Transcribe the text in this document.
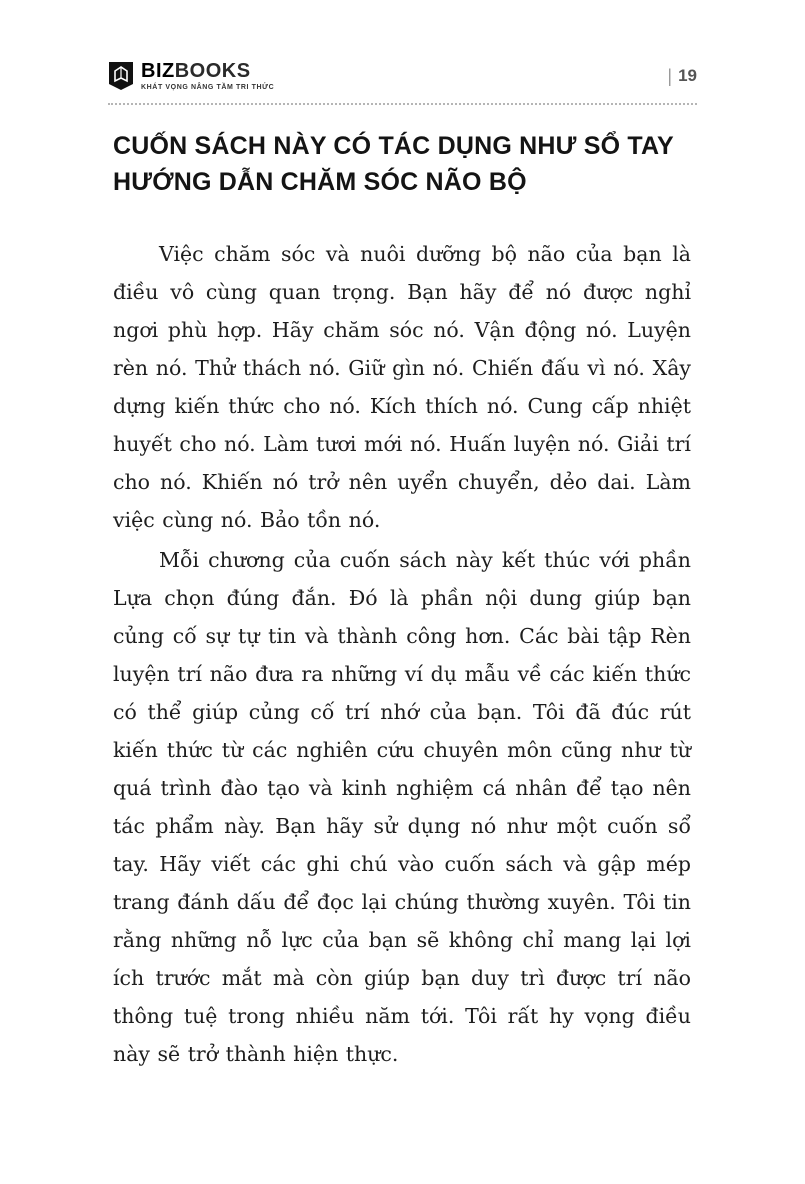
BIZBOOKS
KHÁT VỌNG NÂNG TẦM TRI THỨC
| 19
CUỐN SÁCH NÀY CÓ TÁC DỤNG NHƯ SỔ TAY HƯỚNG DẪN CHĂM SÓC NÃO BỘ

Việc chăm sóc và nuôi dưỡng bộ não của bạn là điều vô cùng quan trọng. Bạn hãy để nó được nghỉ ngơi phù hợp. Hãy chăm sóc nó. Vận động nó. Luyện rèn nó. Thử thách nó. Giữ gìn nó. Chiến đấu vì nó. Xây dựng kiến thức cho nó. Kích thích nó. Cung cấp nhiệt huyết cho nó. Làm tươi mới nó. Huấn luyện nó. Giải trí cho nó. Khiến nó trở nên uyển chuyển, dẻo dai. Làm việc cùng nó. Bảo tồn nó.

Mỗi chương của cuốn sách này kết thúc với phần Lựa chọn đúng đắn. Đó là phần nội dung giúp bạn củng cố sự tự tin và thành công hơn. Các bài tập Rèn luyện trí não đưa ra những ví dụ mẫu về các kiến thức có thể giúp củng cố trí nhớ của bạn. Tôi đã đúc rút kiến thức từ các nghiên cứu chuyên môn cũng như từ quá trình đào tạo và kinh nghiệm cá nhân để tạo nên tác phẩm này. Bạn hãy sử dụng nó như một cuốn sổ tay. Hãy viết các ghi chú vào cuốn sách và gập mép trang đánh dấu để đọc lại chúng thường xuyên. Tôi tin rằng những nỗ lực của bạn sẽ không chỉ mang lại lợi ích trước mắt mà còn giúp bạn duy trì được trí não thông tuệ trong nhiều năm tới. Tôi rất hy vọng điều này sẽ trở thành hiện thực.
